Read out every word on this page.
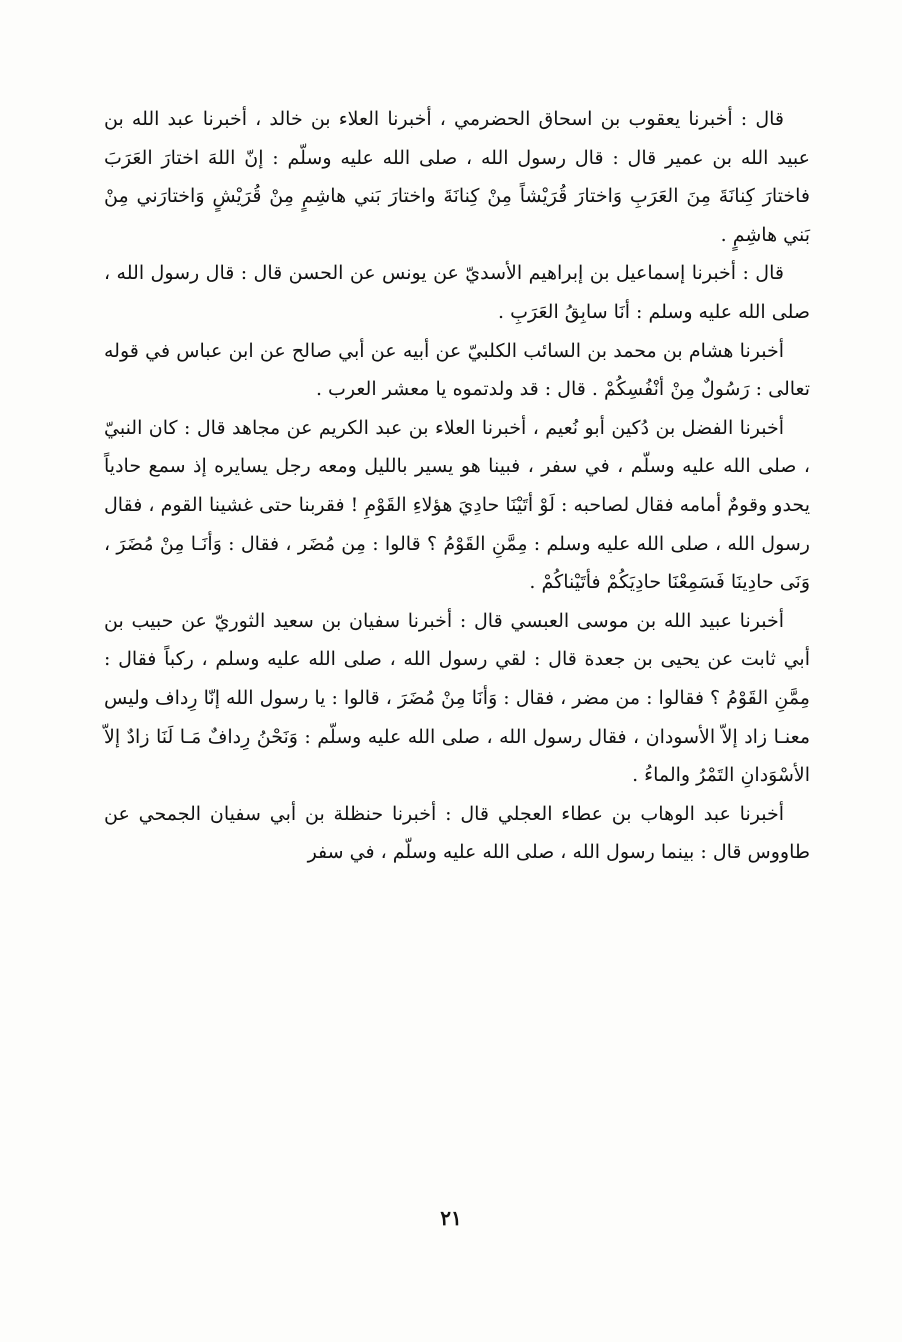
قال : أخبرنا يعقوب بن اسحاق الحضرمي ، أخبرنا العلاء بن خالد ، أخبرنا عبد الله بن عبيد الله بن عمير قال : قال رسول الله ، صلى الله عليه وسلّم : إنّ اللهَ اختارَ العَرَبَ فاختارَ كِنانَةَ مِنَ العَرَبِ وَاختارَ قُرَيْشاً مِنْ كِنانَةَ واختارَ بَني هاشِمٍ مِنْ قُرَيْشٍ وَاختارَني مِنْ بَني هاشِمٍ .

قال : أخبرنا إسماعيل بن إبراهيم الأسديّ عن يونس عن الحسن قال : قال رسول الله ، صلى الله عليه وسلم : أنَا سابِقُ العَرَبِ .

أخبرنا هشام بن محمد بن السائب الكلبيّ عن أبيه عن أبي صالح عن ابن عباس في قوله تعالى : رَسُولٌ مِنْ أنْفُسِكُمْ . قال : قد ولدتموه يا معشر العرب .

أخبرنا الفضل بن دُكين أبو نُعيم ، أخبرنا العلاء بن عبد الكريم عن مجاهد قال : كان النبيّ ، صلى الله عليه وسلّم ، في سفر ، فبينا هو يسير بالليل ومعه رجل يسايره إذ سمع حادياً يحدو وقومٌ أمامه فقال لصاحبه : لَوْ أتَيْنَا حادِيَ هؤلاءِ القَوْمِ ! فقربنا حتى غشينا القوم ، فقال رسول الله ، صلى الله عليه وسلم : مِمَّنِ القَوْمُ ؟ قالوا : مِن مُضَر ، فقال : وَأنَـا مِنْ مُضَرَ ، وَنَى حادِينَا فَسَمِعْنَا حادِيَكُمْ فأتَيْناكُمْ .

أخبرنا عبيد الله بن موسى العبسي قال : أخبرنا سفيان بن سعيد الثوريّ عن حبيب بن أبي ثابت عن يحيى بن جعدة قال : لقي رسول الله ، صلى الله عليه وسلم ، ركباً فقال : مِمَّنِ القَوْمُ ؟ فقالوا : من مضر ، فقال : وَأنَا مِنْ مُضَرَ ، قالوا : يا رسول الله إنّا رِداف وليس معنـا زاد إلاّ الأسودان ، فقال رسول الله ، صلى الله عليه وسلّم : وَنَحْنُ رِدافٌ مَـا لَنَا زادٌ إلاّ الأسْوَدانِ التَمْرُ والماءُ .

أخبرنا عبد الوهاب بن عطاء العجلي قال : أخبرنا حنظلة بن أبي سفيان الجمحي عن طاووس قال : بينما رسول الله ، صلى الله عليه وسلّم ، في سفر

٢١
